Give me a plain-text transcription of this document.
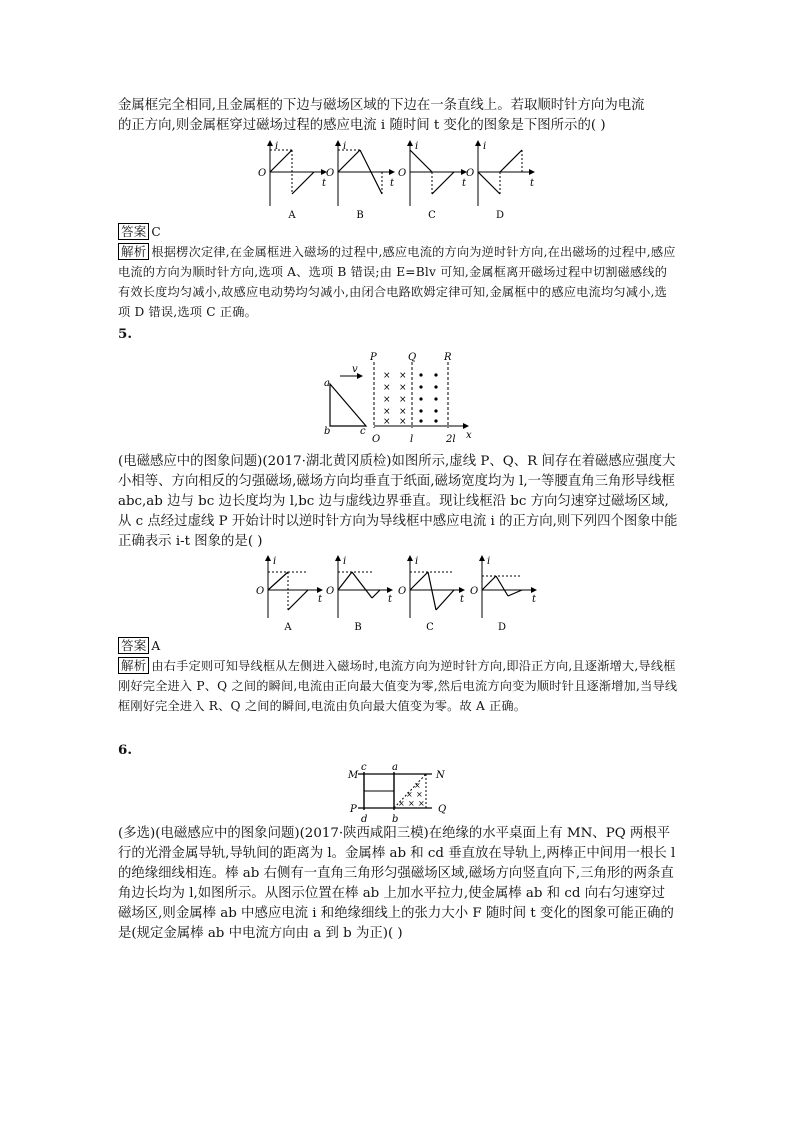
金属框完全相同,且金属框的下边与磁场区域的下边在一条直线上。若取顺时针方向为电流

的正方向,则金属框穿过磁场过程的感应电流 i 随时间 t 变化的图象是下图所示的( )

i
t
O
A
i
t
O
B
i
t
O
C
i
t
O
D
答案 C
解析 根据楞次定律,在金属框进入磁场的过程中,感应电流的方向为逆时针方向,在出磁场的过程中,感应电流的方向为顺时针方向,选项 A、选项 B 错误;由 E=Blv 可知,金属框离开磁场过程中切割磁感线的有效长度均匀减小,故感应电动势均匀减小,由闭合电路欧姆定律可知,金属框中的感应电流均匀减小,选项 D 错误,选项 C 正确。
5.
P	Q	R
v
a
b	c
O	l	2l x
× ×
× ×
× ×
× ×
× ×
(电磁感应中的图象问题)(2017·湖北黄冈质检)如图所示,虚线 P、Q、R 间存在着磁感应强度大小相等、方向相反的匀强磁场,磁场方向均垂直于纸面,磁场宽度均为 l,一等腰直角三角形导线框 abc,ab 边与 bc 边长度均为 l,bc 边与虚线边界垂直。现让线框沿 bc 方向匀速穿过磁场区域,从 c 点经过虚线 P 开始计时以逆时针方向为导线框中感应电流 i 的正方向,则下列四个图象中能正确表示 i-t 图象的是( )
i
t
O
A
i
t
O
B
i
t
O
C
i
t
O
D
答案 A
解析 由右手定则可知导线框从左侧进入磁场时,电流方向为逆时针方向,即沿正方向,且逐渐增大,导线框刚好完全进入 P、Q 之间的瞬间,电流由正向最大值变为零,然后电流方向变为顺时针且逐渐增加,当导线框刚好完全进入 R、Q 之间的瞬间,电流由负向最大值变为零。故 A 正确。
6.
M	N
P	Q
c
d
a
b
×
× ×
× × ×
(多选)(电磁感应中的图象问题)(2017·陕西咸阳三模)在绝缘的水平桌面上有 MN、PQ 两根平行的光滑金属导轨,导轨间的距离为 l。金属棒 ab 和 cd 垂直放在导轨上,两棒正中间用一根长 l 的绝缘细线相连。棒 ab 右侧有一直角三角形匀强磁场区域,磁场方向竖直向下,三角形的两条直角边长均为 l,如图所示。从图示位置在棒 ab 上加水平拉力,使金属棒 ab 和 cd 向右匀速穿过磁场区,则金属棒 ab 中感应电流 i 和绝缘细线上的张力大小 F 随时间 t 变化的图象可能正确的是(规定金属棒 ab 中电流方向由 a 到 b 为正)( )
